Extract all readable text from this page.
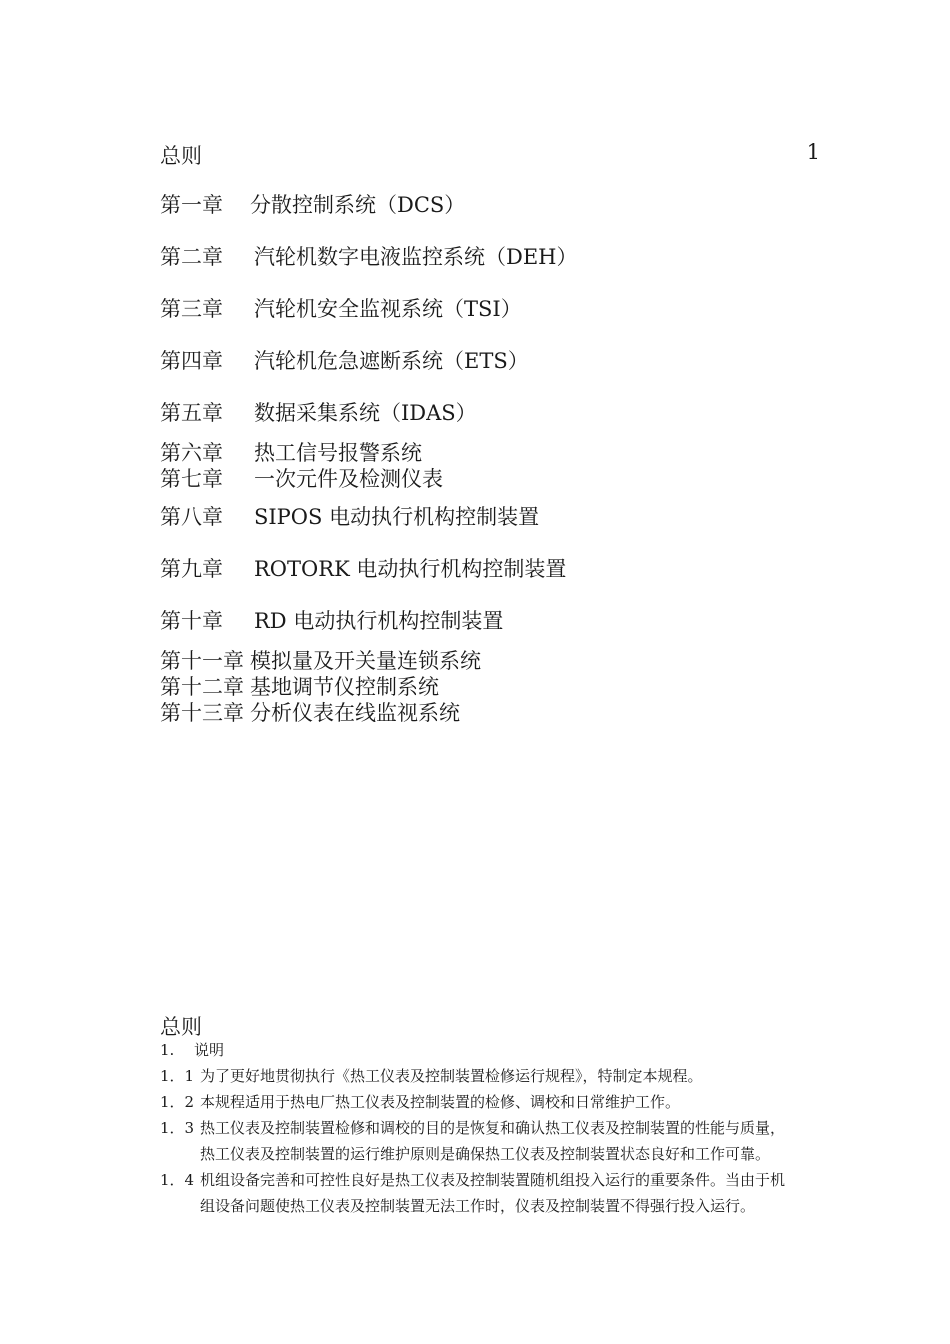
总则	1
第一章 分散控制系统（DCS）
第二章 汽轮机数字电液监控系统（DEH）
第三章 汽轮机安全监视系统（TSI）
第四章 汽轮机危急遮断系统（ETS）
第五章 数据采集系统（IDAS）
第六章 热工信号报警系统
第七章 一次元件及检测仪表
第八章 SIPOS 电动执行机构控制装置
第九章 ROTORK 电动执行机构控制装置
第十章 RD 电动执行机构控制装置
第十一章 模拟量及开关量连锁系统
第十二章 基地调节仪控制系统
第十三章 分析仪表在线监视系统
总则
1. 说明
1．1 为了更好地贯彻执行《热工仪表及控制装置检修运行规程》，特制定本规程。
1．2 本规程适用于热电厂热工仪表及控制装置的检修、调校和日常维护工作。
1．3 热工仪表及控制装置检修和调校的目的是恢复和确认热工仪表及控制装置的性能与质量，
热工仪表及控制装置的运行维护原则是确保热工仪表及控制装置状态良好和工作可靠。
1．4 机组设备完善和可控性良好是热工仪表及控制装置随机组投入运行的重要条件。当由于机
组设备问题使热工仪表及控制装置无法工作时，仪表及控制装置不得强行投入运行。
